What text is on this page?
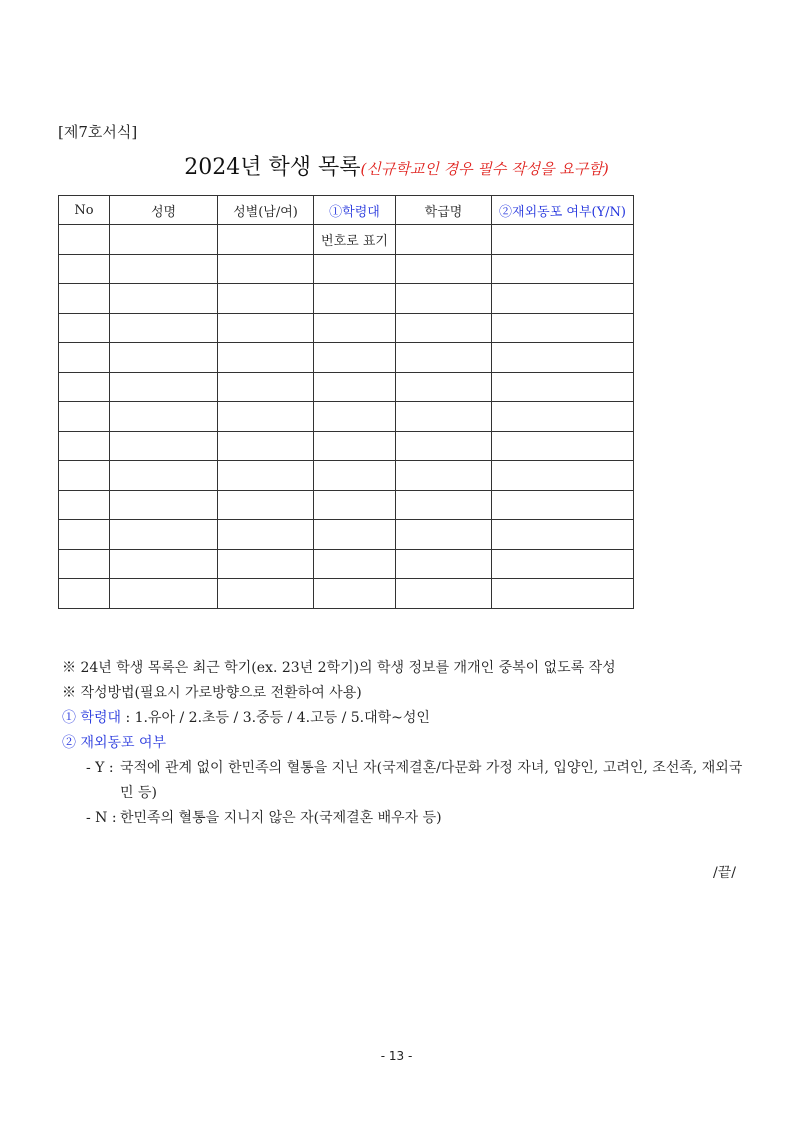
[제7호서식]
2024년 학생 목록(신규학교인 경우 필수 작성을 요구함)
No	성명	성별(남/여)	①학령대	학급명	②재외동포 여부(Y/N)
			번호로 표기		

※ 24년 학생 목록은 최근 학기(ex. 23년 2학기)의 학생 정보를 개개인 중복이 없도록 작성
※ 작성방법(필요시 가로방향으로 전환하여 사용)
① 학령대 : 1.유아 / 2.초등 / 3.중등 / 4.고등 / 5.대학~성인
② 재외동포 여부
- Y : 국적에 관계 없이 한민족의 혈통을 지닌 자(국제결혼/다문화 가정 자녀, 입양인, 고려인, 조선족, 재외국민 등)
- N : 한민족의 혈통을 지니지 않은 자(국제결혼 배우자 등)
/끝/
- 13 -
